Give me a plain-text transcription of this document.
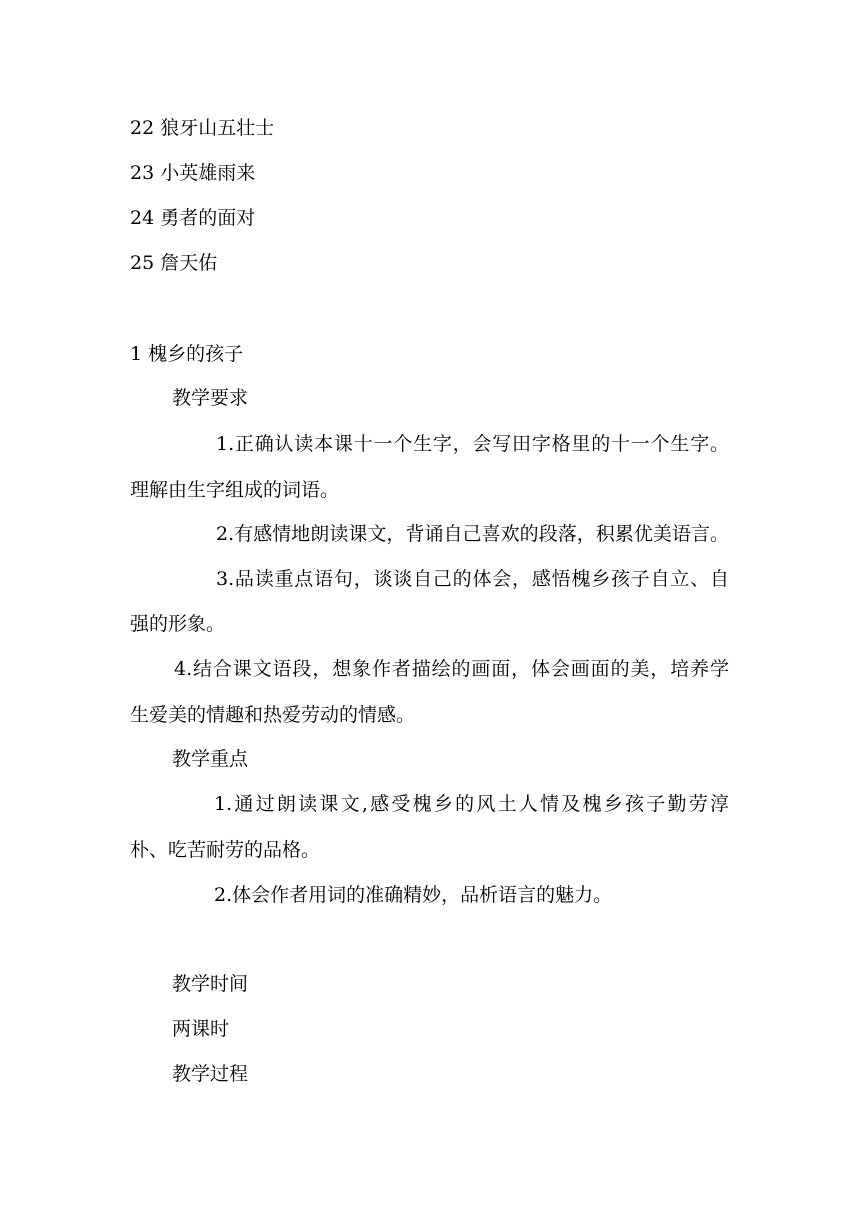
22 狼牙山五壮士
23 小英雄雨来
24 勇者的面对
25 詹天佑
1 槐乡的孩子
教学要求
1.正确认读本课十一个生字，会写田字格里的十一个生字。
理解由生字组成的词语。
2.有感情地朗读课文，背诵自己喜欢的段落，积累优美语言。
3.品读重点语句，谈谈自己的体会，感悟槐乡孩子自立、自
强的形象。
4.结合课文语段，想象作者描绘的画面，体会画面的美，培养学
生爱美的情趣和热爱劳动的情感。
教学重点
1.通过朗读课文,感受槐乡的风土人情及槐乡孩子勤劳淳
朴、吃苦耐劳的品格。
2.体会作者用词的准确精妙，品析语言的魅力。
教学时间
两课时
教学过程
